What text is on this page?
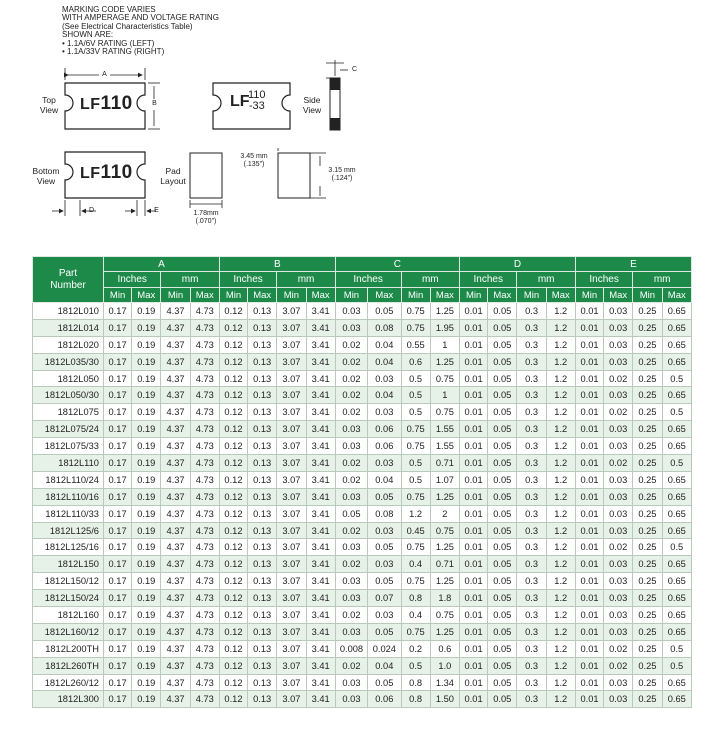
MARKING CODE VARIES
WITH AMPERAGE AND VOLTAGE RATING
(See Electrical Characteristics Table)
SHOWN ARE:
• 1.1A/6V RATING (LEFT)
• 1.1A/33V RATING (RIGHT)
Top
View
Bottom
View
Side
View
Pad
Layout
A
B
C
D	E
3.45 mm
(.135")
3.15 mm
(.124")
1.78mm
(.070")
LF110
LF110
LF
110
-33
Part
Number	A				B				C				D				E			
	Inches		mm		Inches		mm		Inches		mm		Inches		mm		Inches		mm	
	Min	Max	Min	Max	Min	Max	Min	Max	Min	Max	Min	Max	Min	Max	Min	Max	Min	Max	Min	Max
1812L010	0.17	0.19	4.37	4.73	0.12	0.13	3.07	3.41	0.03	0.05	0.75	1.25	0.01	0.05	0.3	1.2	0.01	0.03	0.25	0.65
1812L014	0.17	0.19	4.37	4.73	0.12	0.13	3.07	3.41	0.03	0.08	0.75	1.95	0.01	0.05	0.3	1.2	0.01	0.03	0.25	0.65
1812L020	0.17	0.19	4.37	4.73	0.12	0.13	3.07	3.41	0.02	0.04	0.55	1	0.01	0.05	0.3	1.2	0.01	0.03	0.25	0.65
1812L035/30	0.17	0.19	4.37	4.73	0.12	0.13	3.07	3.41	0.02	0.04	0.6	1.25	0.01	0.05	0.3	1.2	0.01	0.03	0.25	0.65
1812L050	0.17	0.19	4.37	4.73	0.12	0.13	3.07	3.41	0.02	0.03	0.5	0.75	0.01	0.05	0.3	1.2	0.01	0.02	0.25	0.5
1812L050/30	0.17	0.19	4.37	4.73	0.12	0.13	3.07	3.41	0.02	0.04	0.5	1	0.01	0.05	0.3	1.2	0.01	0.03	0.25	0.65
1812L075	0.17	0.19	4.37	4.73	0.12	0.13	3.07	3.41	0.02	0.03	0.5	0.75	0.01	0.05	0.3	1.2	0.01	0.02	0.25	0.5
1812L075/24	0.17	0.19	4.37	4.73	0.12	0.13	3.07	3.41	0.03	0.06	0.75	1.55	0.01	0.05	0.3	1.2	0.01	0.03	0.25	0.65
1812L075/33	0.17	0.19	4.37	4.73	0.12	0.13	3.07	3.41	0.03	0.06	0.75	1.55	0.01	0.05	0.3	1.2	0.01	0.03	0.25	0.65
1812L110	0.17	0.19	4.37	4.73	0.12	0.13	3.07	3.41	0.02	0.03	0.5	0.71	0.01	0.05	0.3	1.2	0.01	0.02	0.25	0.5
1812L110/24	0.17	0.19	4.37	4.73	0.12	0.13	3.07	3.41	0.02	0.04	0.5	1.07	0.01	0.05	0.3	1.2	0.01	0.03	0.25	0.65
1812L110/16	0.17	0.19	4.37	4.73	0.12	0.13	3.07	3.41	0.03	0.05	0.75	1.25	0.01	0.05	0.3	1.2	0.01	0.03	0.25	0.65
1812L110/33	0.17	0.19	4.37	4.73	0.12	0.13	3.07	3.41	0.05	0.08	1.2	2	0.01	0.05	0.3	1.2	0.01	0.03	0.25	0.65
1812L125/6	0.17	0.19	4.37	4.73	0.12	0.13	3.07	3.41	0.02	0.03	0.45	0.75	0.01	0.05	0.3	1.2	0.01	0.03	0.25	0.65
1812L125/16	0.17	0.19	4.37	4.73	0.12	0.13	3.07	3.41	0.03	0.05	0.75	1.25	0.01	0.05	0.3	1.2	0.01	0.02	0.25	0.5
1812L150	0.17	0.19	4.37	4.73	0.12	0.13	3.07	3.41	0.02	0.03	0.4	0.71	0.01	0.05	0.3	1.2	0.01	0.03	0.25	0.65
1812L150/12	0.17	0.19	4.37	4.73	0.12	0.13	3.07	3.41	0.03	0.05	0.75	1.25	0.01	0.05	0.3	1.2	0.01	0.03	0.25	0.65
1812L150/24	0.17	0.19	4.37	4.73	0.12	0.13	3.07	3.41	0.03	0.07	0.8	1.8	0.01	0.05	0.3	1.2	0.01	0.03	0.25	0.65
1812L160	0.17	0.19	4.37	4.73	0.12	0.13	3.07	3.41	0.02	0.03	0.4	0.75	0.01	0.05	0.3	1.2	0.01	0.03	0.25	0.65
1812L160/12	0.17	0.19	4.37	4.73	0.12	0.13	3.07	3.41	0.03	0.05	0.75	1.25	0.01	0.05	0.3	1.2	0.01	0.03	0.25	0.65
1812L200TH	0.17	0.19	4.37	4.73	0.12	0.13	3.07	3.41	0.008	0.024	0.2	0.6	0.01	0.05	0.3	1.2	0.01	0.02	0.25	0.5
1812L260TH	0.17	0.19	4.37	4.73	0.12	0.13	3.07	3.41	0.02	0.04	0.5	1.0	0.01	0.05	0.3	1.2	0.01	0.02	0.25	0.5
1812L260/12	0.17	0.19	4.37	4.73	0.12	0.13	3.07	3.41	0.03	0.05	0.8	1.34	0.01	0.05	0.3	1.2	0.01	0.03	0.25	0.65
1812L300	0.17	0.19	4.37	4.73	0.12	0.13	3.07	3.41	0.03	0.06	0.8	1.50	0.01	0.05	0.3	1.2	0.01	0.03	0.25	0.65
